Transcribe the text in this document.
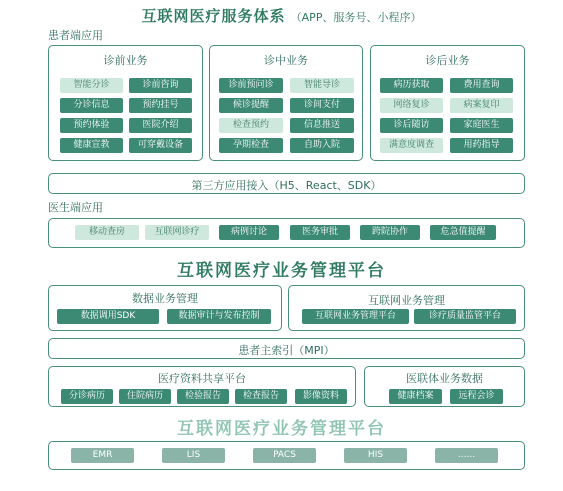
互联网医疗服务体系 （APP、服务号、小程序）
患者端应用
诊前业务
智能分诊	诊前咨询
分诊信息	预约挂号
预约体验	医院介绍
健康宣教	可穿戴设备
诊中业务
诊前预问诊	智能导诊
候诊提醒	诊间支付
检查预约	信息推送
孕期检查	自助入院
诊后业务
病历获取	费用查询
网络复诊	病案复印
诊后随访	家庭医生
满意度调查	用药指导
第三方应用接入（H5、React、SDK）
医生端应用
移动查房	互联网诊疗	病例讨论	医务审批	跨院协作	危急值提醒
互联网医疗业务管理平台
数据业务管理
数据调用SDK	数据审计与发布控制
互联网业务管理
互联网业务管理平台	诊疗质量监管平台
患者主索引（MPI）
医疗资料共享平台
分诊病历	住院病历	检验报告	检查报告	影像资料
医联体业务数据
健康档案	远程会诊
互联网医疗业务管理平台
EMR	LIS	PACS	HIS	......
